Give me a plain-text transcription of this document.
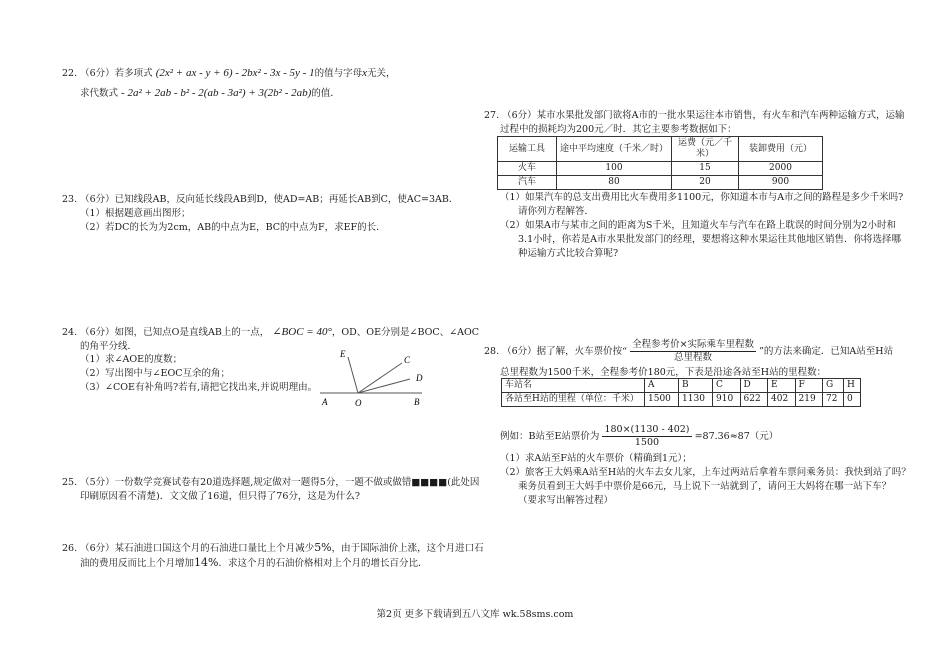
22. （6分）若多项式 (2x² + ax - y + 6) - 2bx² - 3x - 5y - 1的值与字母x无关，
求代数式 - 2a² + 2ab - b² - 2(ab - 3a²) + 3(2b² - 2ab)的值．
23. （6分）已知线段AB，反向延长线段AB到D，使AD=AB；再延长AB到C，使AC=3AB．
（1）根据题意画出图形；
（2）若DC的长为为2cm，AB的中点为E，BC的中点为F，求EF的长．
24. （6分）如图，已知点O是直线AB上的一点， ∠BOC = 40°，OD、OE分别是∠BOC、∠AOC
的角平分线．
（1）求∠AOE的度数；
（2）写出图中与∠EOC互余的角；
（3）∠COE有补角吗?若有,请把它找出来,并说明理由。
E
C
D
A	O	B
25. （5分）一份数学竞赛试卷有20道选择题,规定做对一题得5分，一题不做或做错■■■■(此处因
印刷原因看不清楚)．文文做了16道，但只得了76分，这是为什么?
26. （6分）某石油进口国这个月的石油进口量比上个月减少5%，由于国际油价上涨，这个月进口石
油的费用反而比上个月增加14%．求这个月的石油价格相对上个月的增长百分比．
27. （6分）某市水果批发部门欲将A市的一批水果运往本市销售，有火车和汽车两种运输方式，运输
过程中的损耗均为200元／时．其它主要参考数据如下：
运输工具	途中平均速度（千米／时）	运费（元／千米）	装卸费用（元）
火车	100	15	2000
汽车	80	20	900
（1）如果汽车的总支出费用比火车费用多1100元，你知道本市与A市之间的路程是多少千米吗?
请你列方程解答．
（2）如果A市与某市之间的距离为S千米，且知道火车与汽车在路上耽误的时间分别为2小时和
3.1小时，你若是A市水果批发部门的经理，要想将这种水果运往其他地区销售．你将选择哪
种运输方式比较合算呢?
28. （6分）据了解，火车票价按“ $\frac{\text{全程参考价×实际乘车里程数}}{\text{总里程数}}$ ”的方法来确定．已知A站至H站
总里程数为1500千米，全程参考价180元，下表是沿途各站至H站的里程数：
车站名	A	B	C	D	E	F	G	H
各站至H站的里程（单位：千米）	1500	1130	910	622	402	219	72	0
例如：B站至E站票价为 $\frac{180\times(1130 - 402)}{1500} =87.36\approx 87$（元）
（1）求A站至F站的火车票价（精确到1元）；
（2）旅客王大妈乘A站至H站的火车去女儿家，上车过两站后拿着车票问乘务员：我快到站了吗？
乘务员看到王大妈手中票价是66元，马上说下一站就到了，请问王大妈将在哪一站下车？
（要求写出解答过程）
第2页 更多下载请到五八文库 wk.58sms.com
